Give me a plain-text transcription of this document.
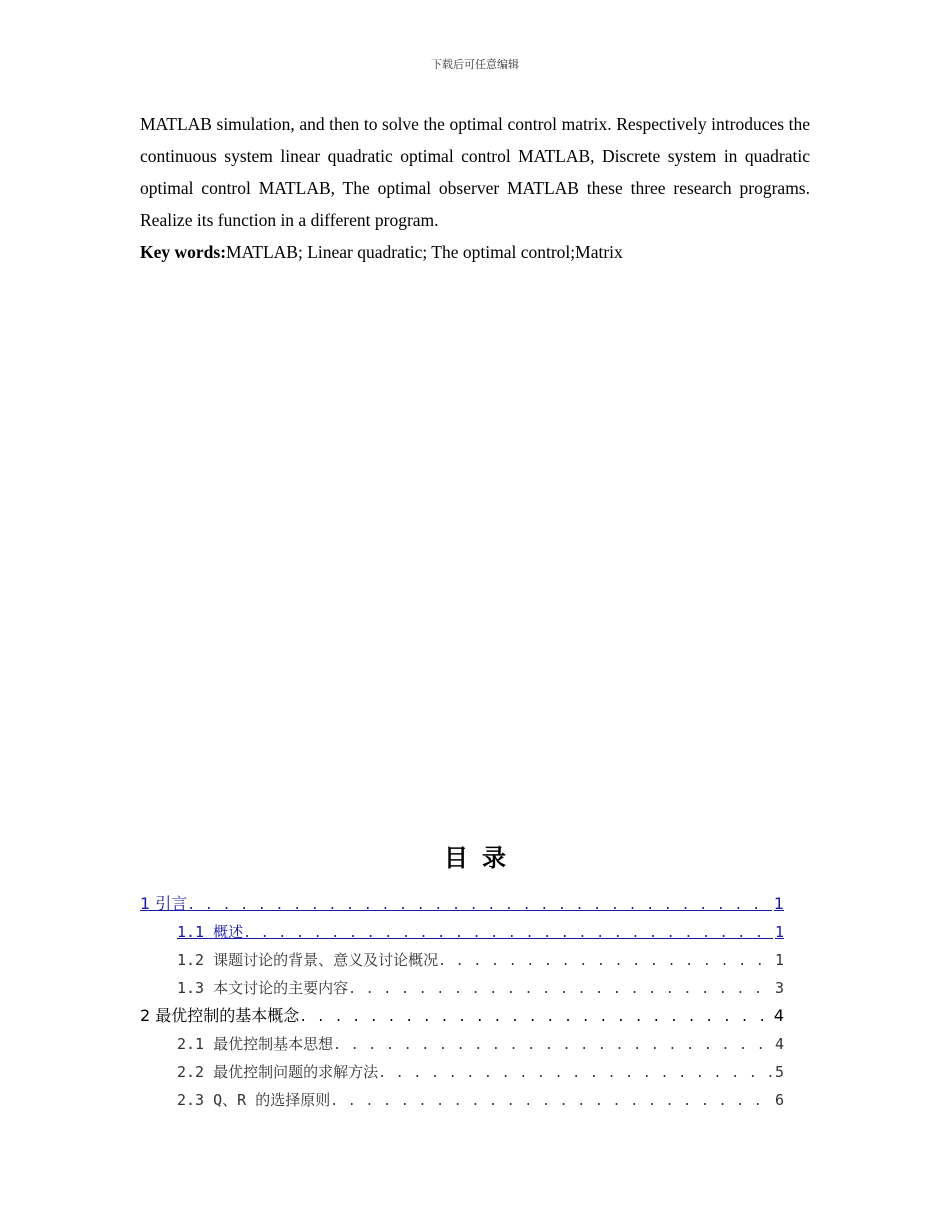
下载后可任意编辑

MATLAB simulation, and then to solve the optimal control matrix. Respectively introduces the continuous system linear quadratic optimal control MATLAB, Discrete system in quadratic optimal control MATLAB, The optimal observer MATLAB these three research programs. Realize its function in a different program.

Key words:MATLAB; Linear quadratic; The optimal control;Matrix
目录
1 引言 . . .	1
1.1 概述 . . .	1
1.2 课题讨论的背景、意义及讨论概况 . . .	1
1.3 本文讨论的主要内容 . . .	3
2 最优控制的基本概念 . . .	4
2.1 最优控制基本思想 . . .	4
2.2 最优控制问题的求解方法 . . .	5
2.3 Q、R 的选择原则 . . .	6
